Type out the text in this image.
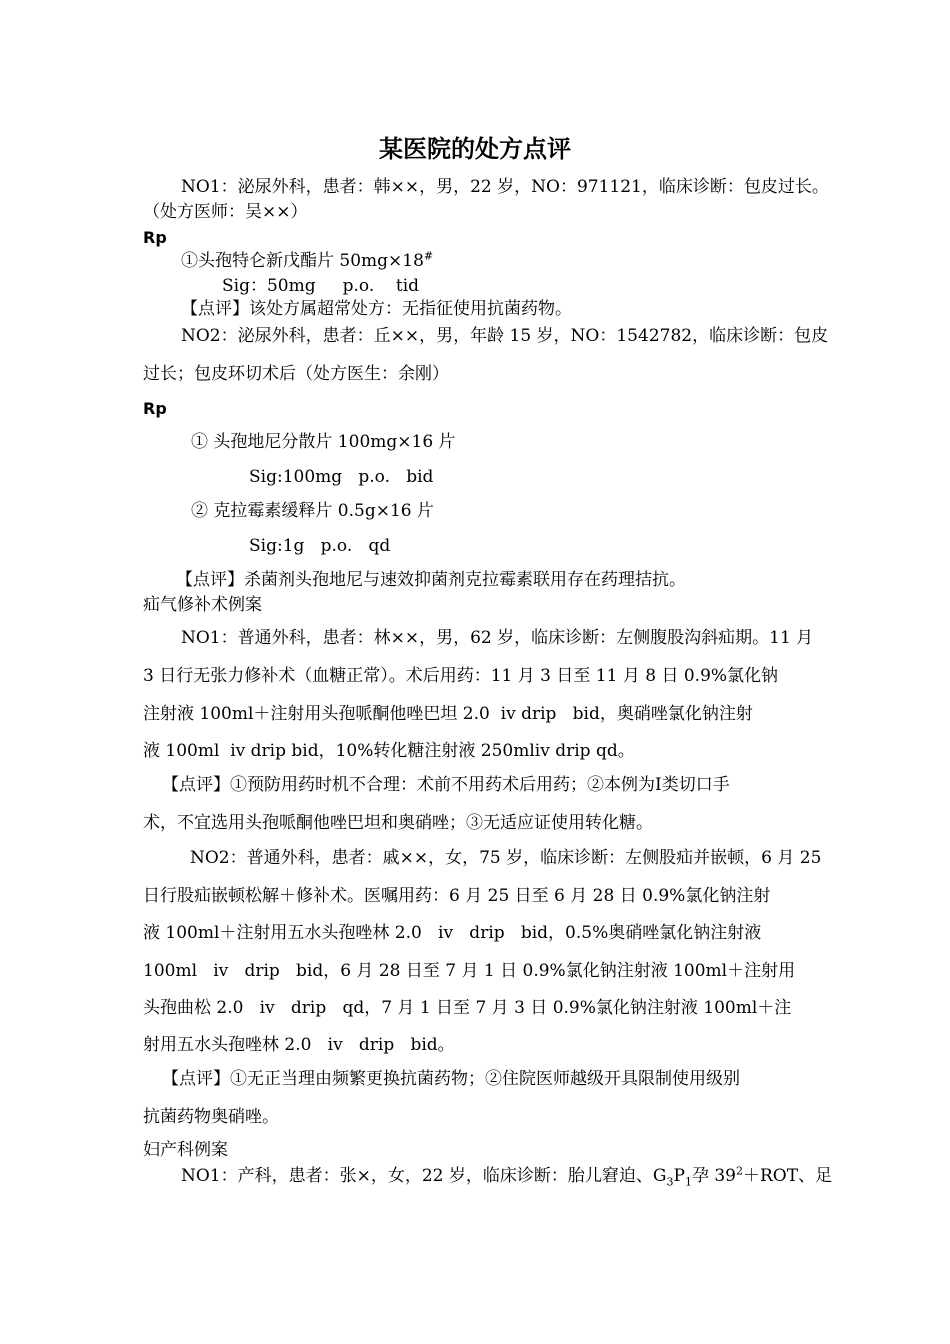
某医院的处方点评
NO1：泌尿外科，患者：韩××，男，22 岁，NO：971121，临床诊断：包皮过长。
（处方医师：吴××）
Rp
①头孢特仑新戊酯片 50mg×18#
Sig：50mg     p.o.    tid
【点评】该处方属超常处方：无指征使用抗菌药物。
NO2：泌尿外科，患者：丘××，男，年龄 15 岁，NO：1542782，临床诊断：包皮
过长；包皮环切术后（处方医生：余刚）
Rp
① 头孢地尼分散片 100mg×16 片
Sig:100mg   p.o.   bid
② 克拉霉素缓释片 0.5g×16 片
Sig:1g   p.o.   qd
【点评】杀菌剂头孢地尼与速效抑菌剂克拉霉素联用存在药理拮抗。
疝气修补术例案
NO1：普通外科，患者：林××，男，62 岁，临床诊断：左侧腹股沟斜疝期。11 月
3 日行无张力修补术（血糖正常）。术后用药：11 月 3 日至 11 月 8 日 0.9%氯化钠
注射液 100ml＋注射用头孢哌酮他唑巴坦 2.0  iv drip   bid，奥硝唑氯化钠注射
液 100ml  iv drip bid，10%转化糖注射液 250mliv drip qd。
【点评】①预防用药时机不合理：术前不用药术后用药；②本例为Ⅰ类切口手
术，不宜选用头孢哌酮他唑巴坦和奥硝唑；③无适应证使用转化糖。
NO2：普通外科，患者：戚××，女，75 岁，临床诊断：左侧股疝并嵌顿，6 月 25
日行股疝嵌顿松解＋修补术。医嘱用药：6 月 25 日至 6 月 28 日 0.9%氯化钠注射
液 100ml＋注射用五水头孢唑林 2.0   iv   drip   bid，0.5%奥硝唑氯化钠注射液
100ml   iv   drip   bid，6 月 28 日至 7 月 1 日 0.9%氯化钠注射液 100ml＋注射用
头孢曲松 2.0   iv   drip   qd，7 月 1 日至 7 月 3 日 0.9%氯化钠注射液 100ml＋注
射用五水头孢唑林 2.0   iv   drip   bid。
【点评】①无正当理由频繁更换抗菌药物；②住院医师越级开具限制使用级别
抗菌药物奥硝唑。
妇产科例案
NO1：产科，患者：张×，女，22 岁，临床诊断：胎儿窘迫、$G_3P_1$孕 $39^2+ROT$、足
